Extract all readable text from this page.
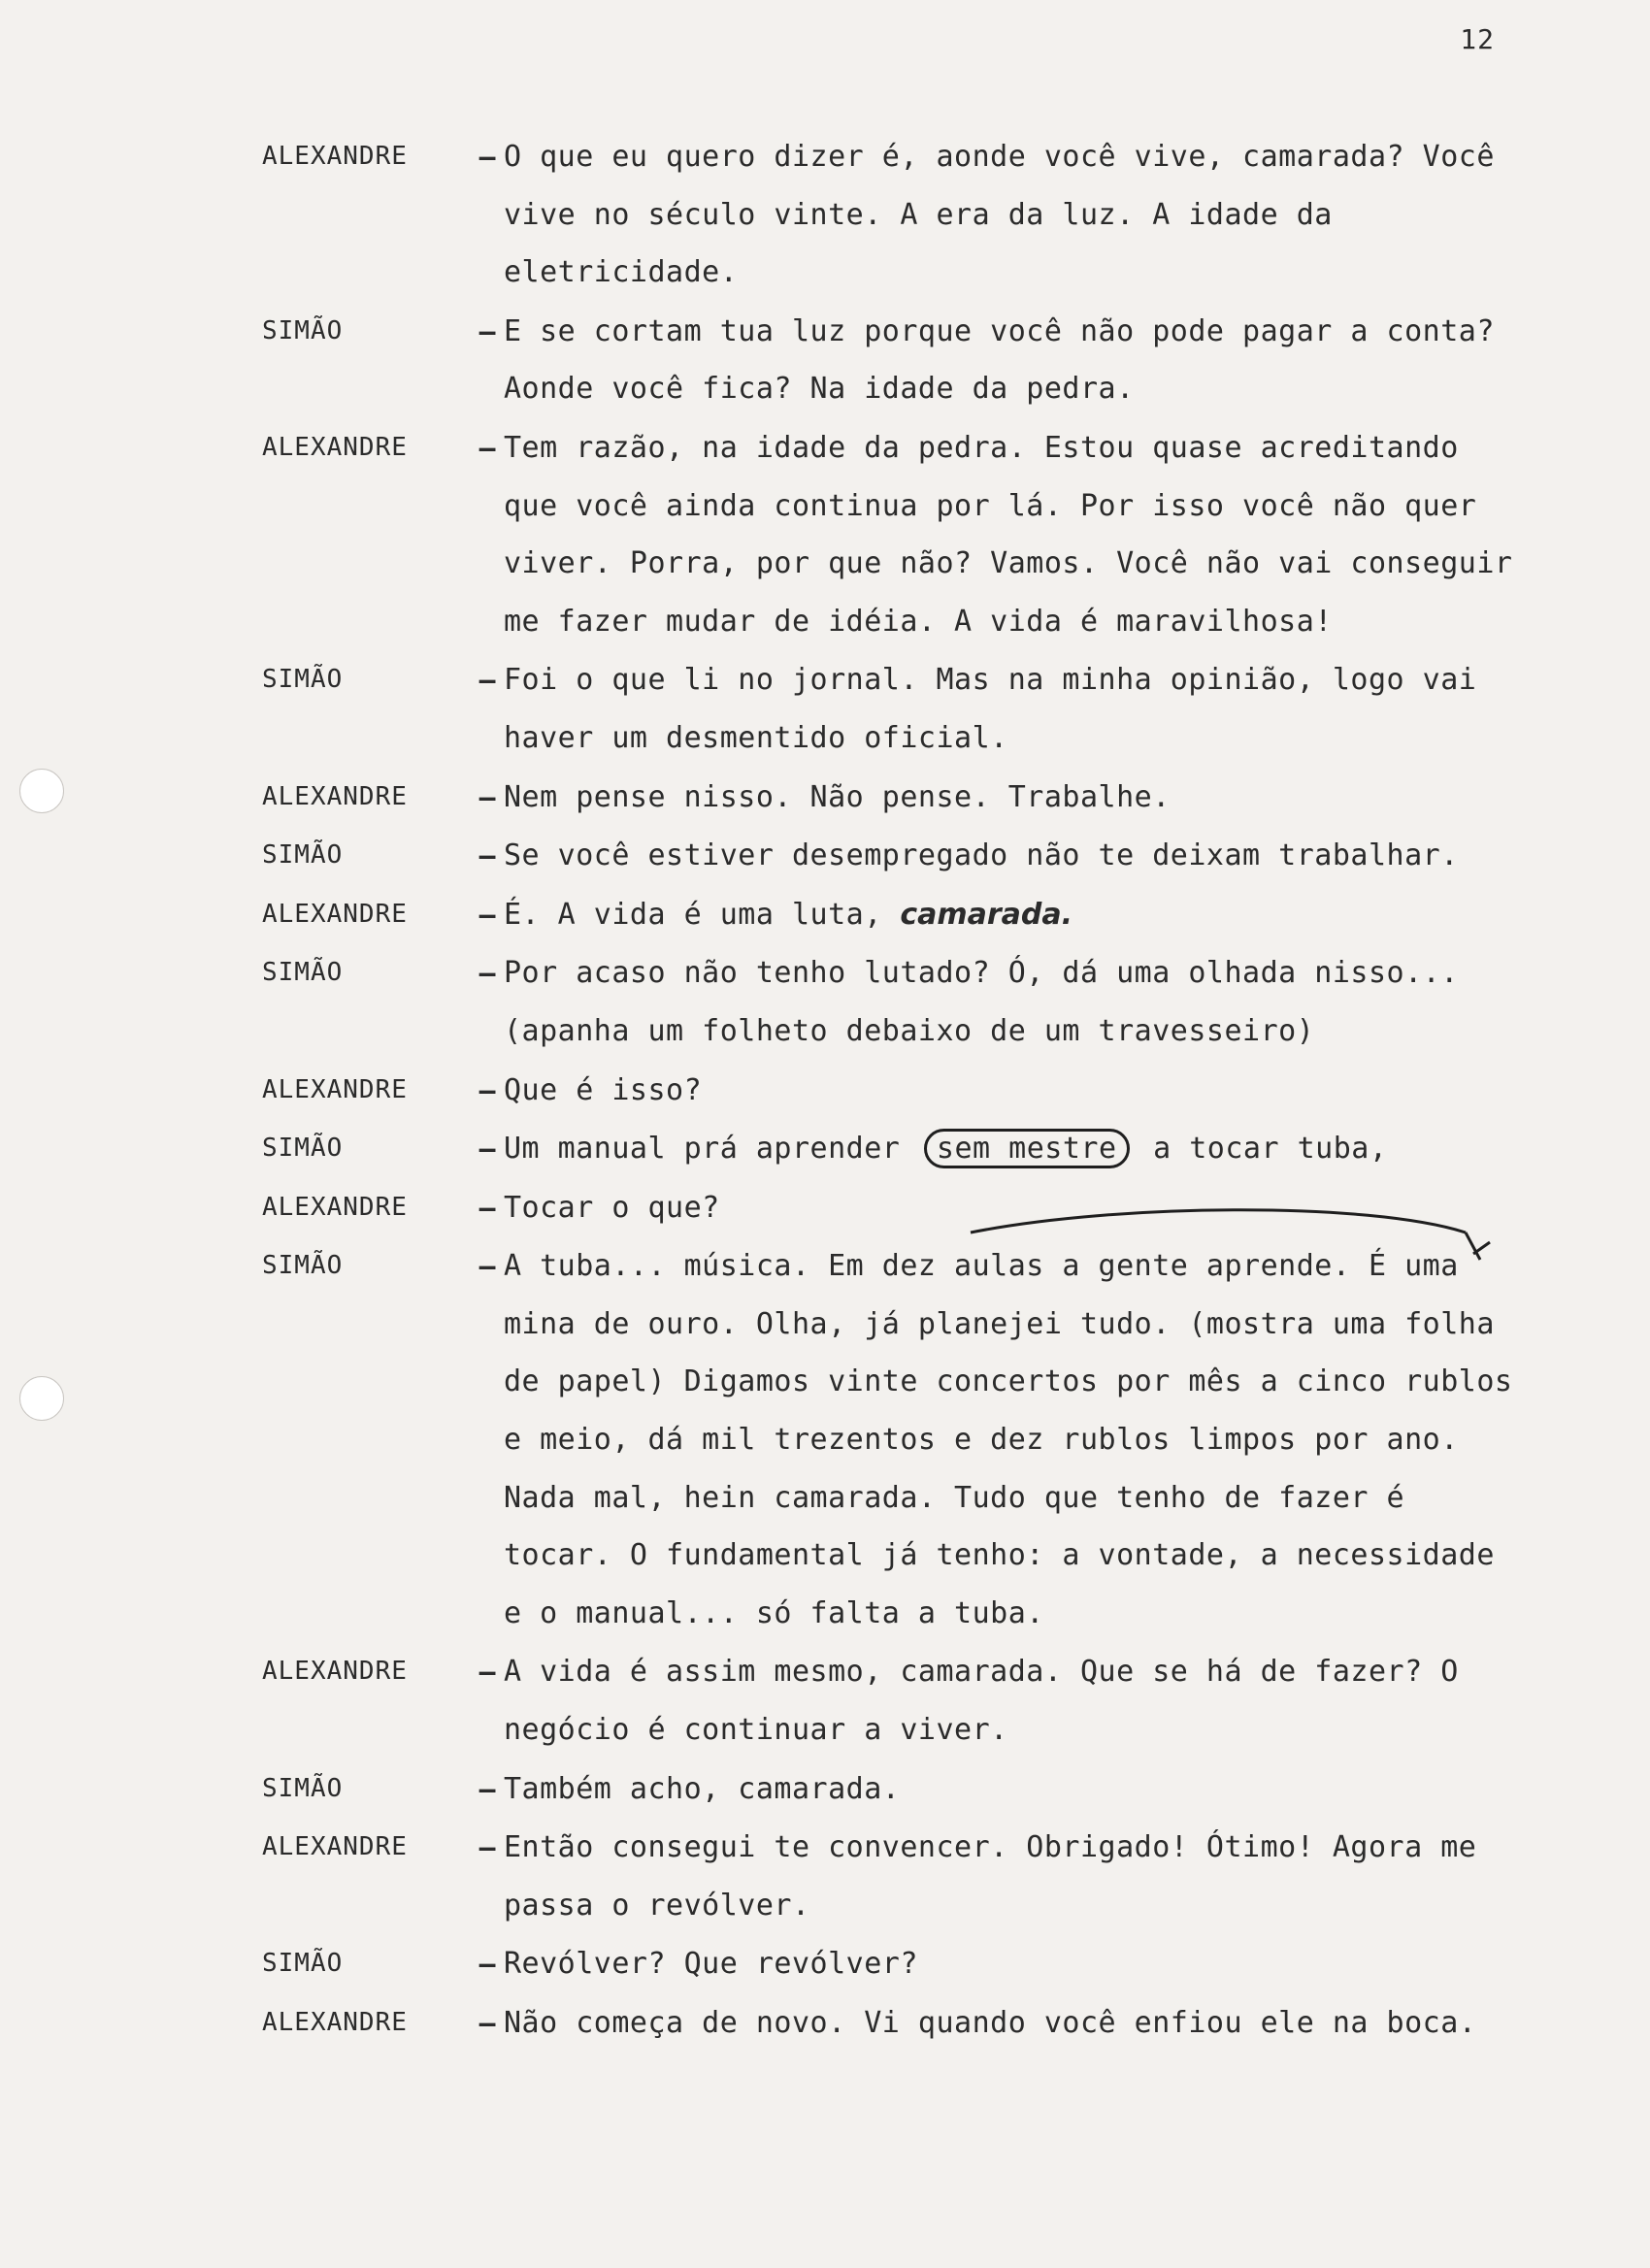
12
ALEXANDRE	– O que eu quero dizer é, aonde você vive, camarada? Você vive no século vinte. A era da luz. A idade da eletricidade.
SIMÃO	– E se cortam tua luz porque você não pode pagar a conta? Aonde você fica? Na idade da pedra.
ALEXANDRE	– Tem razão, na idade da pedra. Estou quase acreditando que você ainda continua por lá. Por isso você não quer viver. Porra, por que não? Vamos. Você não vai conseguir me fazer mudar de idéia. A vida é maravilhosa!
SIMÃO	– Foi o que li no jornal. Mas na minha opinião, logo vai haver um desmentido oficial.
ALEXANDRE	– Nem pense nisso. Não pense. Trabalhe.
SIMÃO	– Se você estiver desempregado não te deixam trabalhar.
ALEXANDRE	– É. A vida é uma luta, camarada.
SIMÃO	– Por acaso não tenho lutado? Ó, dá uma olhada nisso... (apanha um folheto debaixo de um travesseiro)
ALEXANDRE	– Que é isso?
SIMÃO	– Um manual prá aprender sem mestre a tocar tuba,
ALEXANDRE	– Tocar o que?
SIMÃO	– A tuba... música. Em dez aulas a gente aprende. É uma mina de ouro. Olha, já planejei tudo. (mostra uma folha de papel) Digamos vinte concertos por mês a cinco rublos e meio, dá mil trezentos e dez rublos limpos por ano. Nada mal, hein camarada. Tudo que tenho de fazer é tocar. O fundamental já tenho: a vontade, a necessidade e o manual... só falta a tuba.
ALEXANDRE	– A vida é assim mesmo, camarada. Que se há de fazer? O negócio é continuar a viver.
SIMÃO	– Também acho, camarada.
ALEXANDRE	– Então consegui te convencer. Obrigado! Ótimo! Agora me passa o revólver.
SIMÃO	– Revólver? Que revólver?
ALEXANDRE	– Não começa de novo. Vi quando você enfiou ele na boca.
